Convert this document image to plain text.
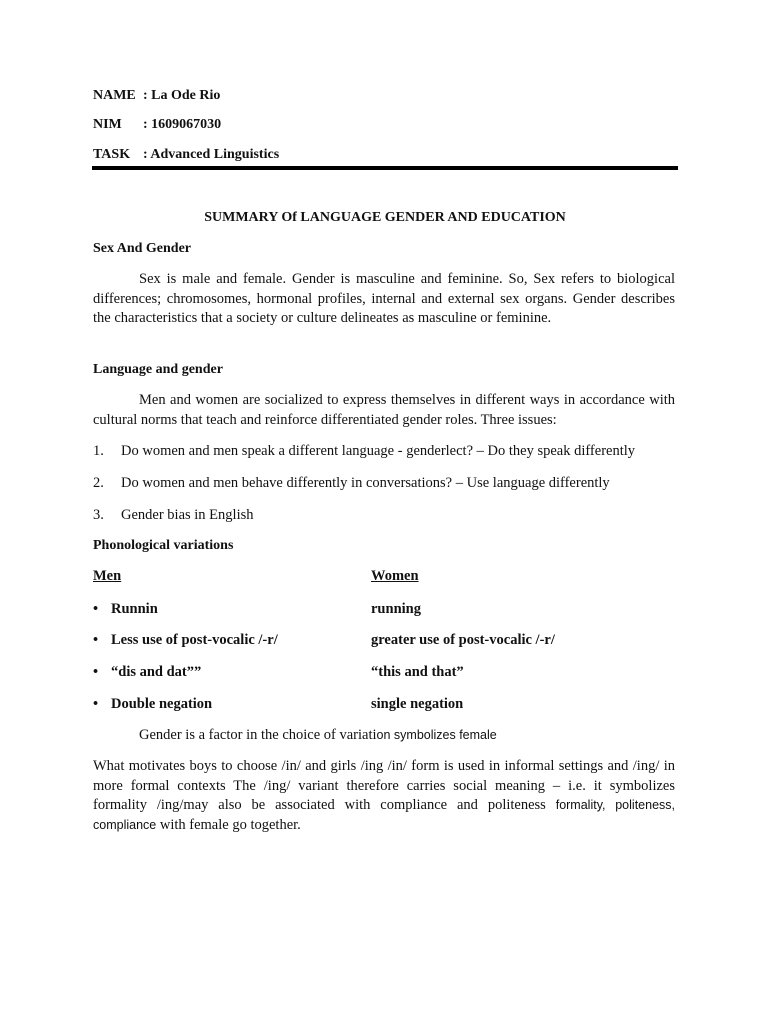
NAME : La Ode Rio
NIM : 1609067030
TASK : Advanced Linguistics
SUMMARY Of LANGUAGE GENDER AND EDUCATION
Sex And Gender

Sex is male and female. Gender is masculine and feminine. So, Sex refers to biological differences; chromosomes, hormonal profiles, internal and external sex organs. Gender describes the characteristics that a society or culture delineates as masculine or feminine.

Language and gender

Men and women are socialized to express themselves in different ways in accordance with cultural norms that teach and reinforce differentiated gender roles. Three issues:

1. Do women and men speak a different language - genderlect? – Do they speak differently
2. Do women and men behave differently in conversations? – Use language differently
3. Gender bias in English
Phonological variations
Men	Women
• Runnin	running
• Less use of post-vocalic /-r/	greater use of post-vocalic /-r/
• “dis and dat””	“this and that”
• Double negation	single negation
Gender is a factor in the choice of variation symbolizes female

What motivates boys to choose /in/ and girls /ing /in/ form is used in informal settings and /ing/ in more formal contexts The /ing/ variant therefore carries social meaning – i.e. it symbolizes formality /ing/may also be associated with compliance and politeness formality, politeness, compliance with female go together.
